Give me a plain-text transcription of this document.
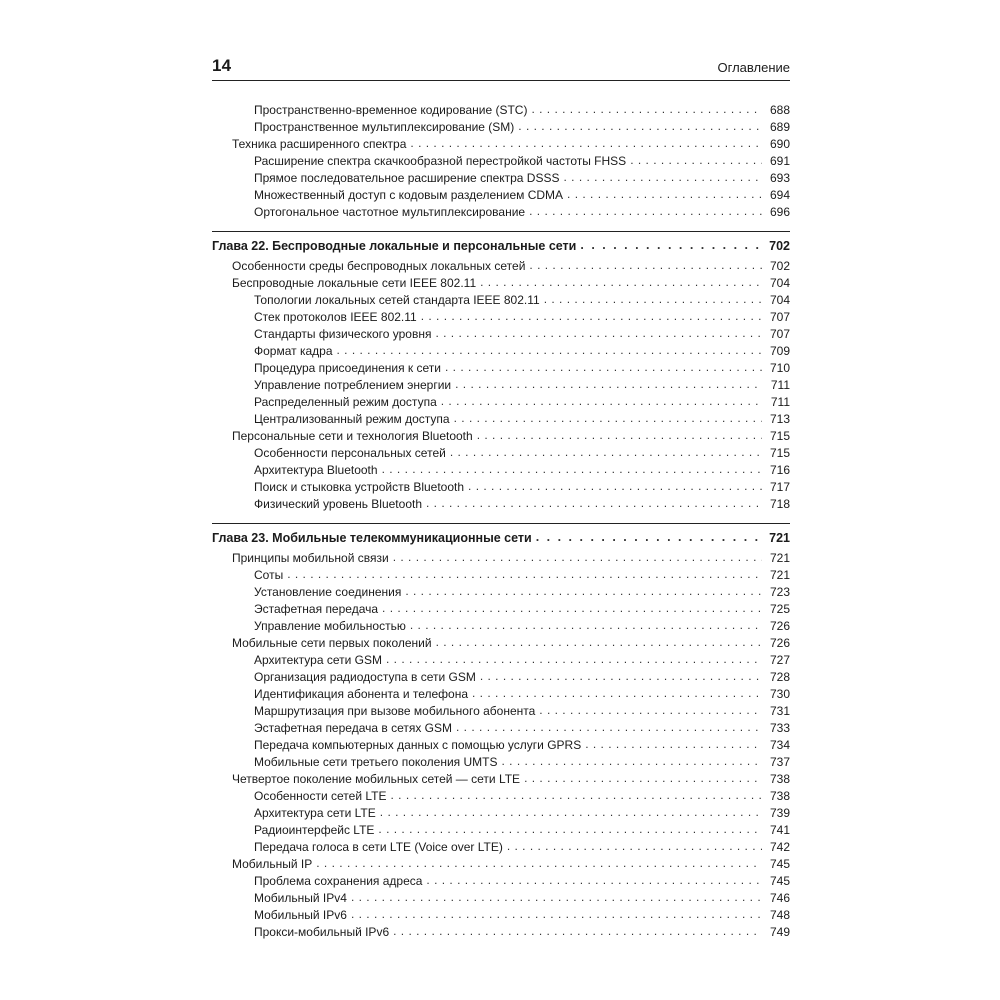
14	Оглавление
Пространственно-временное кодирование (STC) . . .	688
Пространственное мультиплексирование (SM) . . .	689
Техника расширенного спектра . . .	690
Расширение спектра скачкообразной перестройкой частоты FHSS . . .	691
Прямое последовательное расширение спектра DSSS . . .	693
Множественный доступ с кодовым разделением CDMA . . .	694
Ортогональное частотное мультиплексирование . . .	696
Глава 22. Беспроводные локальные и персональные сети . . .	702
Особенности среды беспроводных локальных сетей . . .	702
Беспроводные локальные сети IEEE 802.11 . . .	704
Топологии локальных сетей стандарта IEEE 802.11 . . .	704
Стек протоколов IEEE 802.11 . . .	707
Стандарты физического уровня . . .	707
Формат кадра . . .	709
Процедура присоединения к сети . . .	710
Управление потреблением энергии . . .	711
Распределенный режим доступа . . .	711
Централизованный режим доступа . . .	713
Персональные сети и технология Bluetooth . . .	715
Особенности персональных сетей . . .	715
Архитектура Bluetooth . . .	716
Поиск и стыковка устройств Bluetooth . . .	717
Физический уровень Bluetooth . . .	718
Глава 23. Мобильные телекоммуникационные сети . . .	721
Принципы мобильной связи . . .	721
Соты . . .	721
Установление соединения . . .	723
Эстафетная передача . . .	725
Управление мобильностью . . .	726
Мобильные сети первых поколений . . .	726
Архитектура сети GSM . . .	727
Организация радиодоступа в сети GSM . . .	728
Идентификация абонента и телефона . . .	730
Маршрутизация при вызове мобильного абонента . . .	731
Эстафетная передача в сетях GSM . . .	733
Передача компьютерных данных с помощью услуги GPRS . . .	734
Мобильные сети третьего поколения UMTS . . .	737
Четвертое поколение мобильных сетей — сети LTE . . .	738
Особенности сетей LTE . . .	738
Архитектура сети LTE . . .	739
Радиоинтерфейс LTE . . .	741
Передача голоса в сети LTE (Voice over LTE) . . .	742
Мобильный IP . . .	745
Проблема сохранения адреса . . .	745
Мобильный IPv4 . . .	746
Мобильный IPv6 . . .	748
Прокси-мобильный IPv6 . . .	749
